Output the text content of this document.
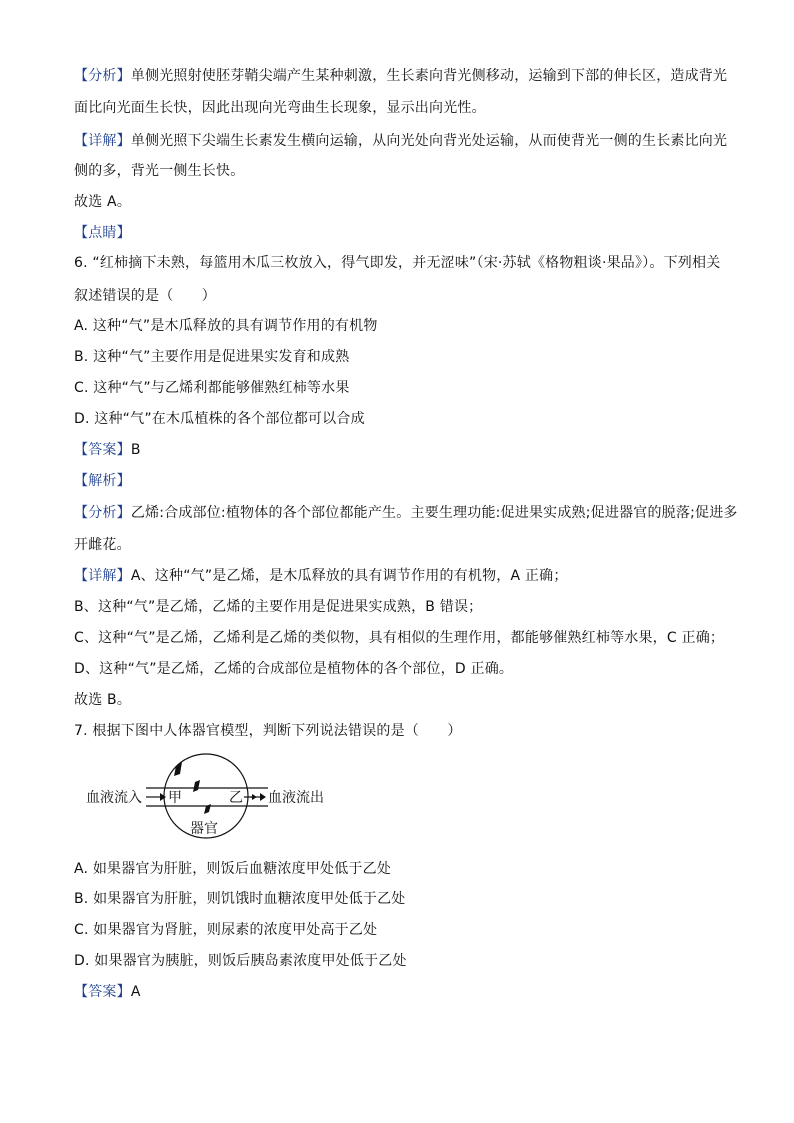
【分析】单侧光照射使胚芽鞘尖端产生某种刺激，生长素向背光侧移动，运输到下部的伸长区，造成背光
面比向光面生长快，因此出现向光弯曲生长现象，显示出向光性。
【详解】单侧光照下尖端生长素发生横向运输，从向光处向背光处运输，从而使背光一侧的生长素比向光
侧的多，背光一侧生长快。
故选 A。
【点睛】
6. “红柿摘下未熟，每篮用木瓜三枚放入，得气即发，并无涩味”（宋·苏轼《格物粗谈·果品》）。下列相关
叙述错误的是（　　）
A. 这种“气”是木瓜释放的具有调节作用的有机物
B. 这种“气”主要作用是促进果实发育和成熟
C. 这种“气”与乙烯利都能够催熟红柿等水果
D. 这种“气”在木瓜植株的各个部位都可以合成
【答案】B
【解析】
【分析】乙烯:合成部位:植物体的各个部位都能产生。主要生理功能:促进果实成熟;促进器官的脱落;促进多
开雌花。
【详解】A、这种“气”是乙烯，是木瓜释放的具有调节作用的有机物，A 正确；
B、这种“气”是乙烯，乙烯的主要作用是促进果实成熟，B 错误；
C、这种“气”是乙烯，乙烯利是乙烯的类似物，具有相似的生理作用，都能够催熟红柿等水果，C 正确；
D、这种“气”是乙烯，乙烯的合成部位是植物体的各个部位，D 正确。
故选 B。
7. 根据下图中人体器官模型，判断下列说法错误的是（　　）
血液流入 甲	乙 血液流出
器官
A. 如果器官为肝脏，则饭后血糖浓度甲处低于乙处
B. 如果器官为肝脏，则饥饿时血糖浓度甲处低于乙处
C. 如果器官为肾脏，则尿素的浓度甲处高于乙处
D. 如果器官为胰脏，则饭后胰岛素浓度甲处低于乙处
【答案】A
